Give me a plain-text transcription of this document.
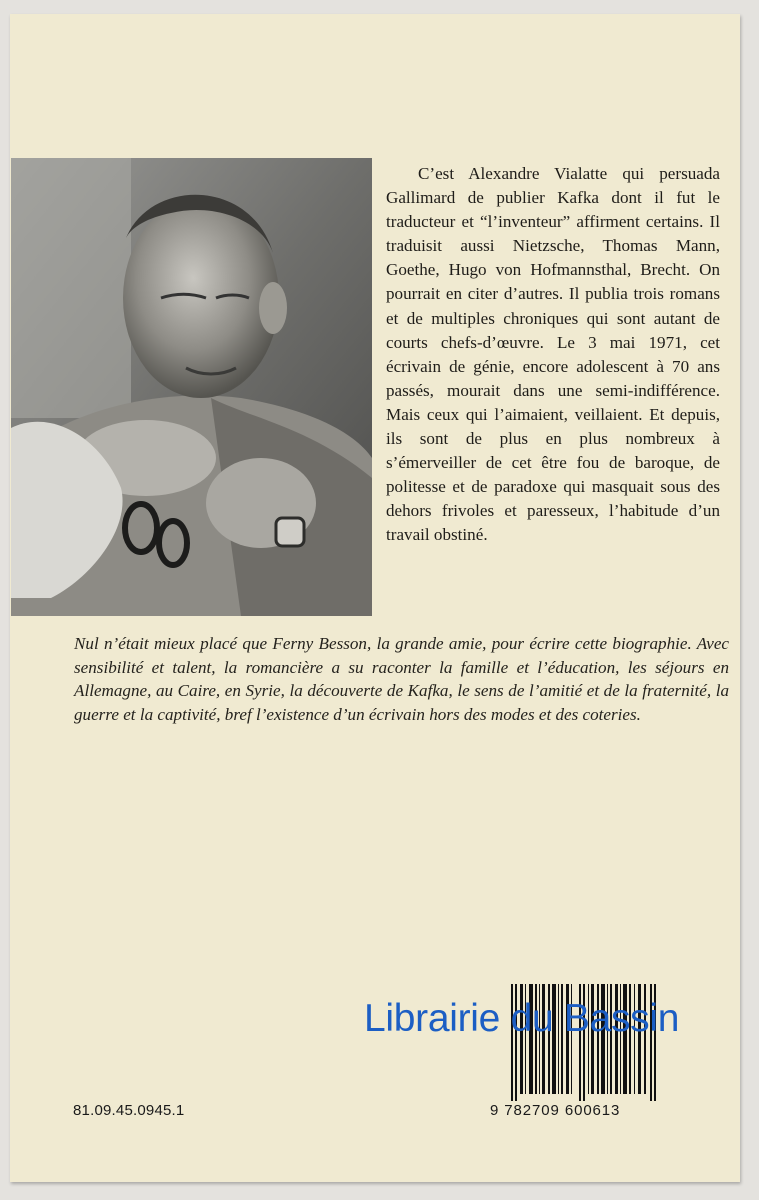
C’est Alexandre Vialatte qui persuada Gallimard de publier Kafka dont il fut le traducteur et “l’inventeur” affirment certains. Il traduisit aussi Nietzsche, Thomas Mann, Goethe, Hugo von Hofmannsthal, Brecht. On pourrait en citer d’autres. Il publia trois romans et de multiples chroniques qui sont autant de courts chefs-d’œuvre. Le 3 mai 1971, cet écrivain de génie, encore adolescent à 70 ans passés, mourait dans une semi-indifférence. Mais ceux qui l’aimaient, veillaient. Et depuis, ils sont de plus en plus nombreux à s’émerveiller de cet être fou de baroque, de politesse et de paradoxe qui masquait sous des dehors frivoles et paresseux, l’habitude d’un travail obstiné.

Nul n’était mieux placé que Ferny Besson, la grande amie, pour écrire cette biographie. Avec sensibilité et talent, la romancière a su raconter la famille et l’éducation, les séjours en Allemagne, au Caire, en Syrie, la découverte de Kafka, le sens de l’amitié et de la fraternité, la guerre et la captivité, bref l’existence d’un écrivain hors des modes et des coteries.

Librairie du Bassin
9 782709 600613
81.09.45.0945.1
